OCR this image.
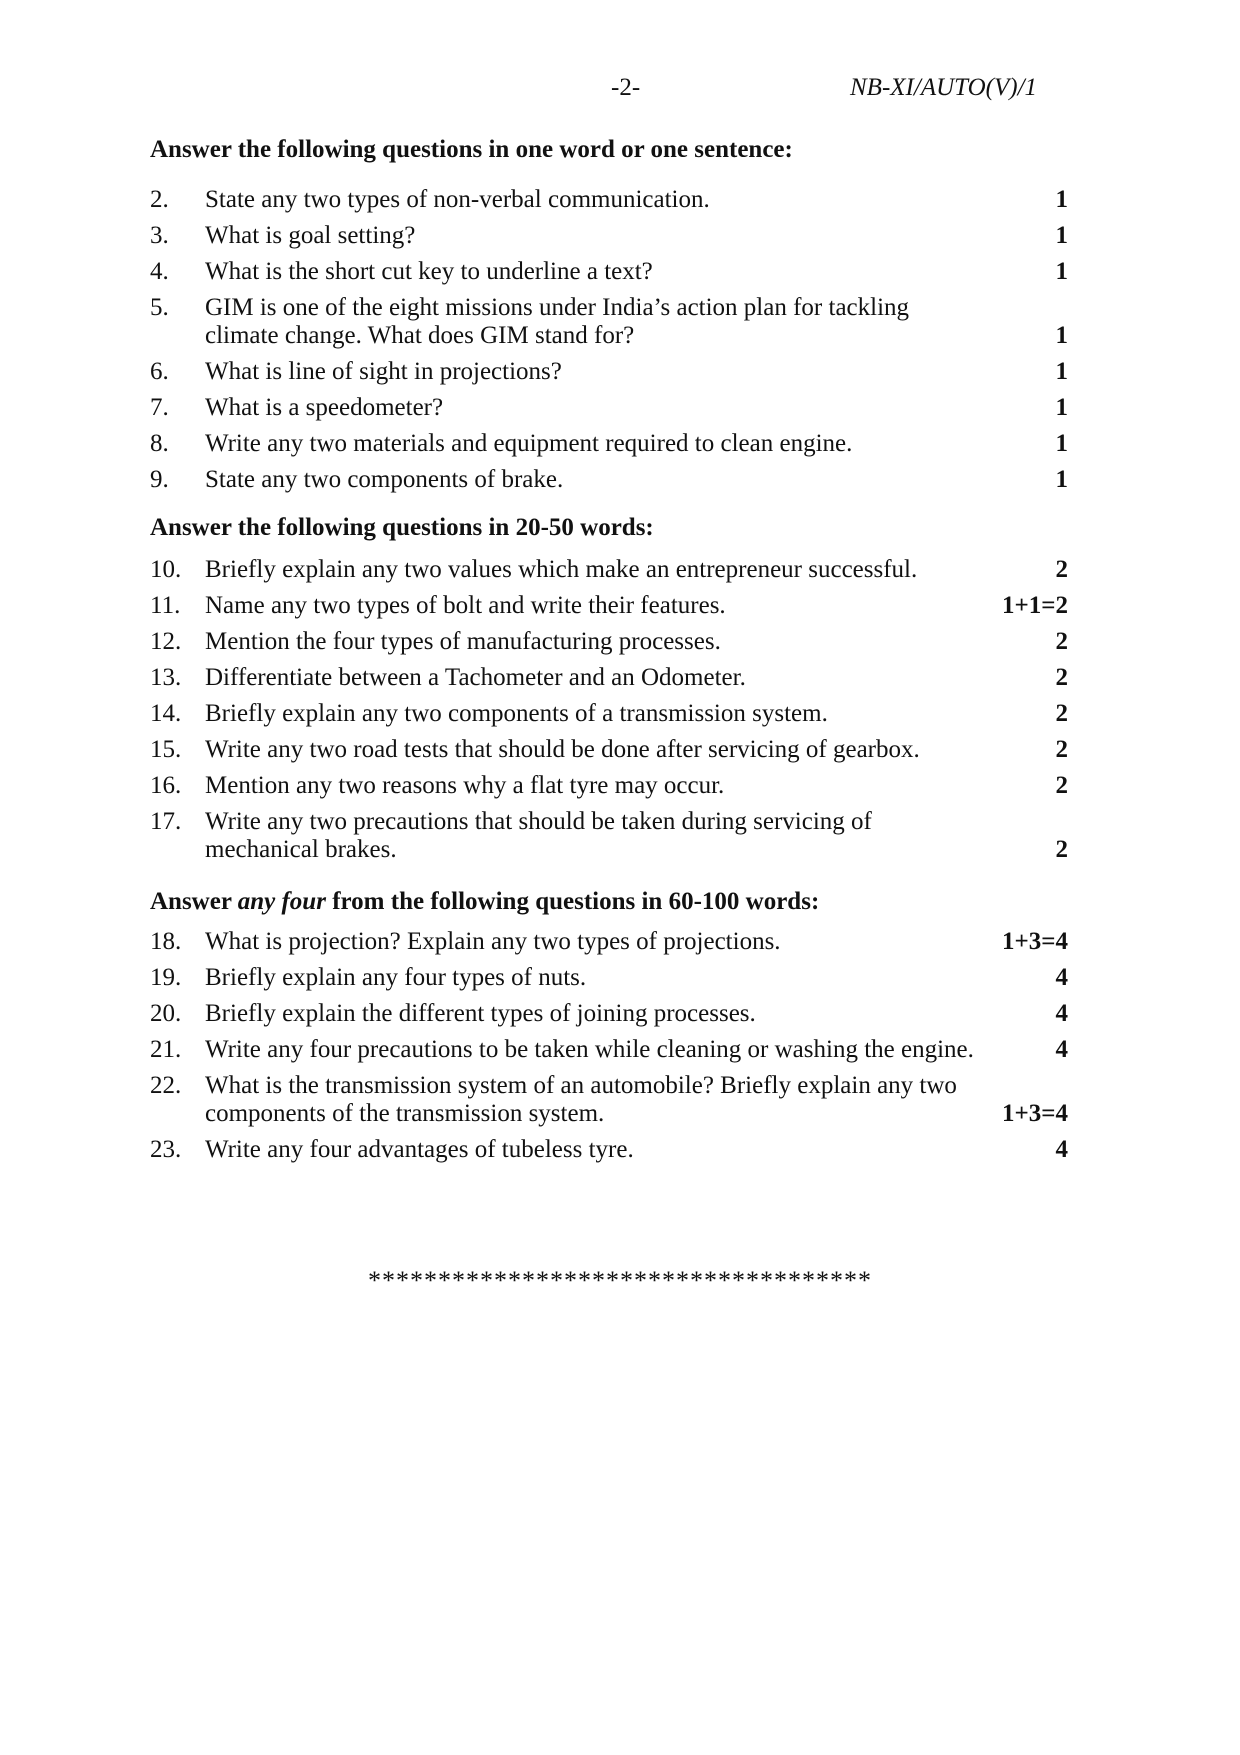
-2-	NB-XI/AUTO(V)/1
Answer the following questions in one word or one sentence:
2. State any two types of non-verbal communication.	1
3. What is goal setting?	1
4. What is the short cut key to underline a text?	1
5. GIM is one of the eight missions under India’s action plan for tackling climate change. What does GIM stand for?	1
6. What is line of sight in projections?	1
7. What is a speedometer?	1
8. Write any two materials and equipment required to clean engine.	1
9. State any two components of brake.	1
Answer the following questions in 20-50 words:
10. Briefly explain any two values which make an entrepreneur successful.	2
11. Name any two types of bolt and write their features.	1+1=2
12. Mention the four types of manufacturing processes.	2
13. Differentiate between a Tachometer and an Odometer.	2
14. Briefly explain any two components of a transmission system.	2
15. Write any two road tests that should be done after servicing of gearbox.	2
16. Mention any two reasons why a flat tyre may occur.	2
17. Write any two precautions that should be taken during servicing of mechanical brakes.	2
Answer any four from the following questions in 60-100 words:
18. What is projection? Explain any two types of projections.	1+3=4
19. Briefly explain any four types of nuts.	4
20. Briefly explain the different types of joining processes.	4
21. Write any four precautions to be taken while cleaning or washing the engine.	4
22. What is the transmission system of an automobile? Briefly explain any two components of the transmission system.	1+3=4
23. Write any four advantages of tubeless tyre.	4
************************************
